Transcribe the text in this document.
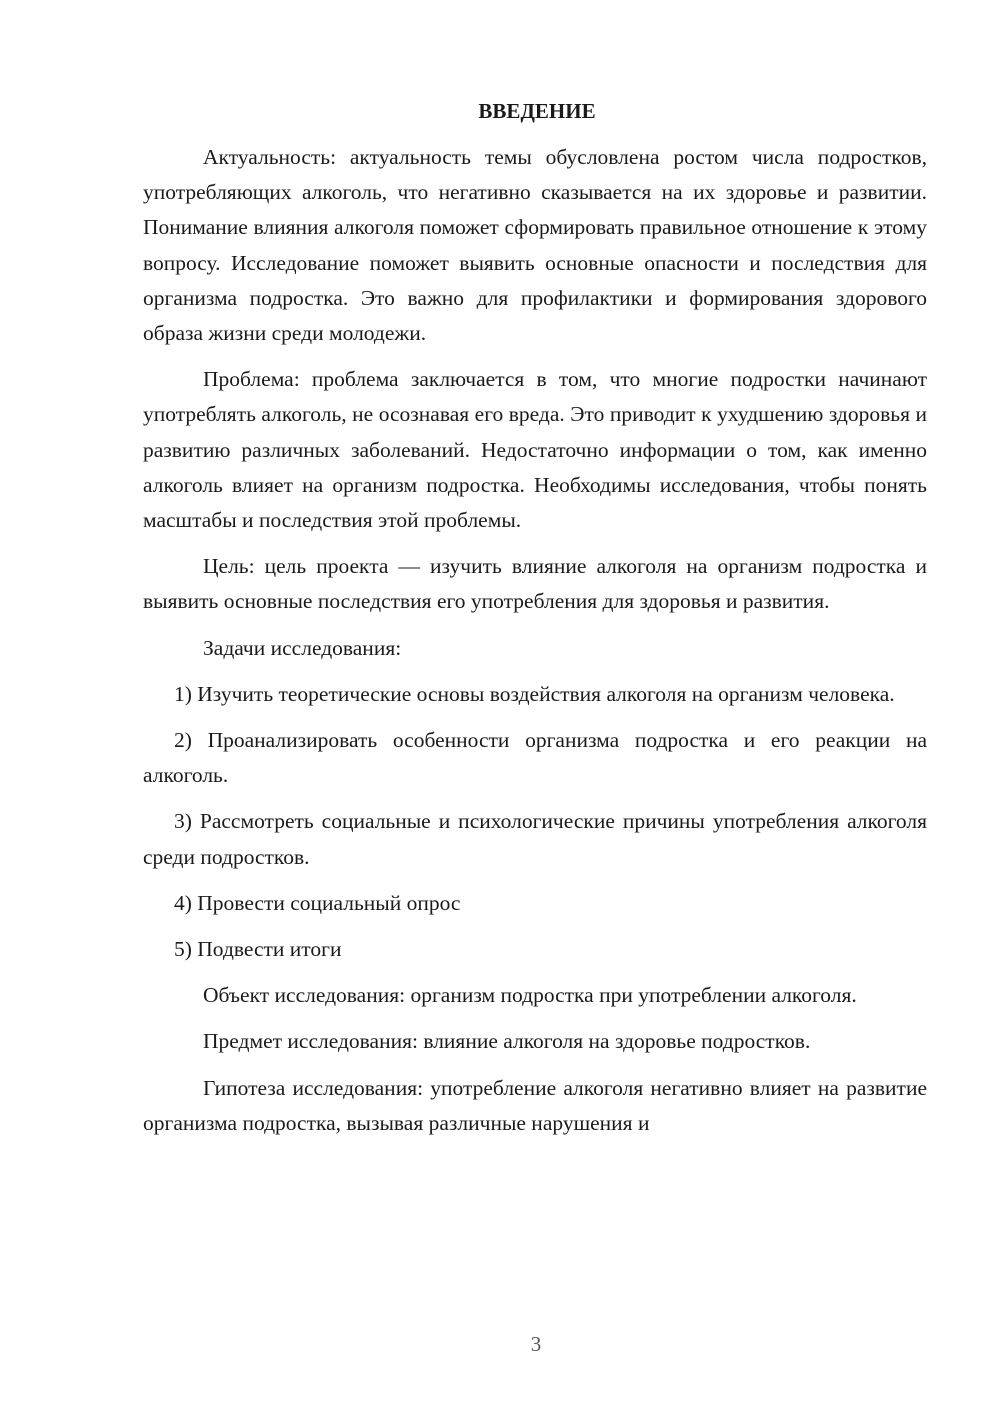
ВВЕДЕНИЕ

Актуальность: актуальность темы обусловлена ростом числа подростков, употребляющих алкоголь, что негативно сказывается на их здоровье и развитии. Понимание влияния алкоголя поможет сформировать правильное отношение к этому вопросу. Исследование поможет выявить основные опасности и последствия для организма подростка. Это важно для профилактики и формирования здорового образа жизни среди молодежи.

Проблема: проблема заключается в том, что многие подростки начинают употреблять алкоголь, не осознавая его вреда. Это приводит к ухудшению здоровья и развитию различных заболеваний. Недостаточно информации о том, как именно алкоголь влияет на организм подростка. Необходимы исследования, чтобы понять масштабы и последствия этой проблемы.

Цель: цель проекта — изучить влияние алкоголя на организм подростка и выявить основные последствия его употребления для здоровья и развития.

Задачи исследования:

1) Изучить теоретические основы воздействия алкоголя на организм человека.

2) Проанализировать особенности организма подростка и его реакции на алкоголь.

3) Рассмотреть социальные и психологические причины употребления алкоголя среди подростков.

4) Провести социальный опрос

5) Подвести итоги

Объект исследования: организм подростка при употреблении алкоголя.

Предмет исследования: влияние алкоголя на здоровье подростков.

Гипотеза исследования: употребление алкоголя негативно влияет на развитие организма подростка, вызывая различные нарушения и

3
